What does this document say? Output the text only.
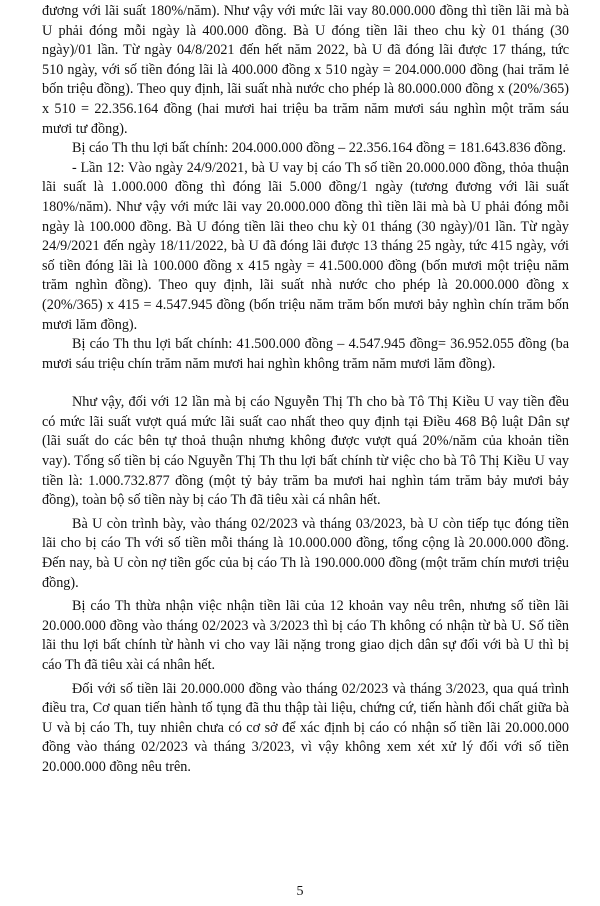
đương với lãi suất 180%/năm). Như vậy với mức lãi vay 80.000.000 đồng thì tiền lãi mà bà U phải đóng mỗi ngày là 400.000 đồng. Bà U đóng tiền lãi theo chu kỳ 01 tháng (30 ngày)/01 lần. Từ ngày 04/8/2021 đến hết năm 2022, bà U đã đóng lãi được 17 tháng, tức 510 ngày, với số tiền đóng lãi là 400.000 đồng x 510 ngày = 204.000.000 đồng (hai trăm lẻ bốn triệu đồng). Theo quy định, lãi suất nhà nước cho phép là 80.000.000 đồng x (20%/365) x 510 = 22.356.164 đồng (hai mươi hai triệu ba trăm năm mươi sáu nghìn một trăm sáu mươi tư đồng).

Bị cáo Th thu lợi bất chính: 204.000.000 đồng – 22.356.164 đồng = 181.643.836 đồng.

- Lần 12: Vào ngày 24/9/2021, bà U vay bị cáo Th số tiền 20.000.000 đồng, thỏa thuận lãi suất là 1.000.000 đồng thì đóng lãi 5.000 đồng/1 ngày (tương đương với lãi suất 180%/năm). Như vậy với mức lãi vay 20.000.000 đồng thì tiền lãi mà bà U phải đóng mỗi ngày là 100.000 đồng. Bà U đóng tiền lãi theo chu kỳ 01 tháng (30 ngày)/01 lần. Từ ngày 24/9/2021 đến ngày 18/11/2022, bà U đã đóng lãi được 13 tháng 25 ngày, tức 415 ngày, với số tiền đóng lãi là 100.000 đồng x 415 ngày = 41.500.000 đồng (bốn mươi một triệu năm trăm nghìn đồng). Theo quy định, lãi suất nhà nước cho phép là 20.000.000 đồng x (20%/365) x 415 = 4.547.945 đồng (bốn triệu năm trăm bốn mươi bảy nghìn chín trăm bốn mươi lăm đồng).

Bị cáo Th thu lợi bất chính: 41.500.000 đồng – 4.547.945 đồng= 36.952.055 đồng (ba mươi sáu triệu chín trăm năm mươi hai nghìn không trăm năm mươi lăm đồng).

Như vậy, đối với 12 lần mà bị cáo Nguyễn Thị Th cho bà Tô Thị Kiều U vay tiền đều có mức lãi suất vượt quá mức lãi suất cao nhất theo quy định tại Điều 468 Bộ luật Dân sự (lãi suất do các bên tự thoả thuận nhưng không được vượt quá 20%/năm của khoản tiền vay). Tổng số tiền bị cáo Nguyễn Thị Th thu lợi bất chính từ việc cho bà Tô Thị Kiều U vay tiền là: 1.000.732.877 đồng (một tỷ bảy trăm ba mươi hai nghìn tám trăm bảy mươi bảy đồng), toàn bộ số tiền này bị cáo Th đã tiêu xài cá nhân hết.

Bà U còn trình bày, vào tháng 02/2023 và tháng 03/2023, bà U còn tiếp tục đóng tiền lãi cho bị cáo Th với số tiền mỗi tháng là 10.000.000 đồng, tổng cộng là 20.000.000 đồng. Đến nay, bà U còn nợ tiền gốc của bị cáo Th là 190.000.000 đồng (một trăm chín mươi triệu đồng).

Bị cáo Th thừa nhận việc nhận tiền lãi của 12 khoản vay nêu trên, nhưng số tiền lãi 20.000.000 đồng vào tháng 02/2023 và 3/2023 thì bị cáo Th không có nhận từ bà U. Số tiền lãi thu lợi bất chính từ hành vi cho vay lãi nặng trong giao dịch dân sự đối với bà U thì bị cáo Th đã tiêu xài cá nhân hết.

Đối với số tiền lãi 20.000.000 đồng vào tháng 02/2023 và tháng 3/2023, qua quá trình điều tra, Cơ quan tiến hành tố tụng đã thu thập tài liệu, chứng cứ, tiến hành đối chất giữa bà U và bị cáo Th, tuy nhiên chưa có cơ sở để xác định bị cáo có nhận số tiền lãi 20.000.000 đồng vào tháng 02/2023 và tháng 3/2023, vì vậy không xem xét xử lý đối với số tiền 20.000.000 đồng nêu trên.

5
